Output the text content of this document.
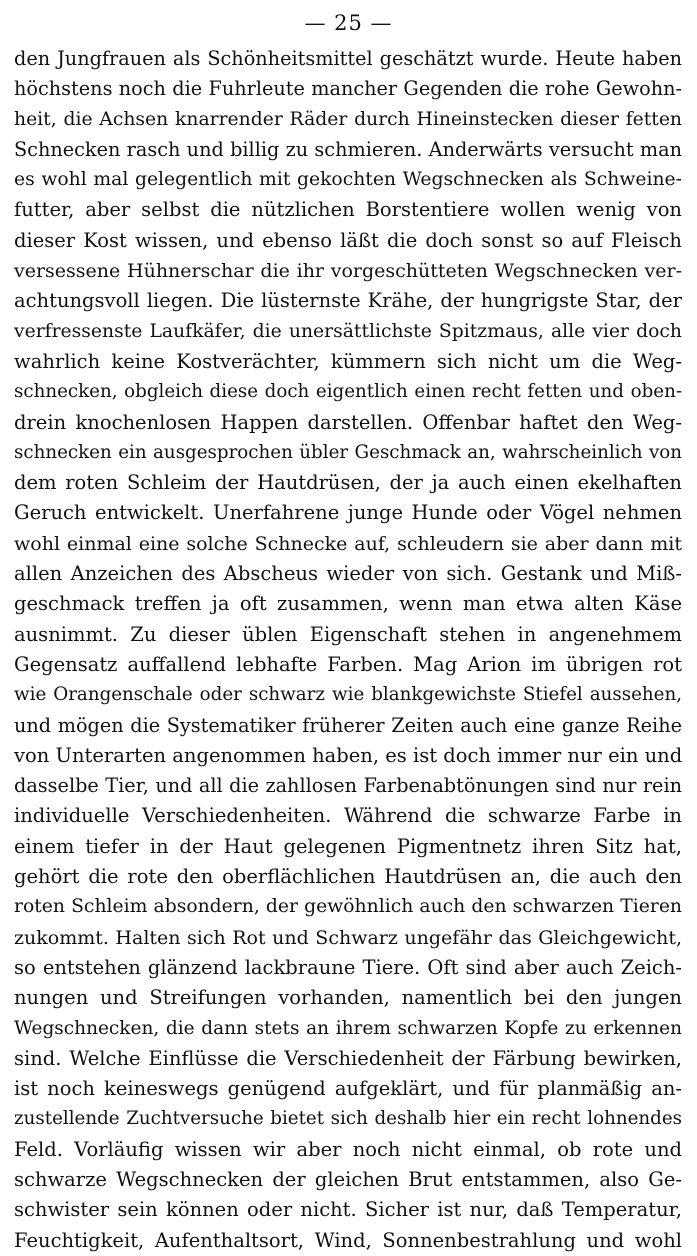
— 25 —
den Jungfrauen als Schönheitsmittel geschätzt wurde. Heute haben
höchstens noch die Fuhrleute mancher Gegenden die rohe Gewohn-
heit, die Achsen knarrender Räder durch Hineinstecken dieser fetten
Schnecken rasch und billig zu schmieren. Anderwärts versucht man
es wohl mal gelegentlich mit gekochten Wegschnecken als Schweine-
futter, aber selbst die nützlichen Borstentiere wollen wenig von
dieser Kost wissen, und ebenso läßt die doch sonst so auf Fleisch
versessene Hühnerschar die ihr vorgeschütteten Wegschnecken ver-
achtungsvoll liegen. Die lüsternste Krähe, der hungrigste Star, der
verfressenste Laufkäfer, die unersättlichste Spitzmaus, alle vier doch
wahrlich keine Kostverächter, kümmern sich nicht um die Weg-
schnecken, obgleich diese doch eigentlich einen recht fetten und oben-
drein knochenlosen Happen darstellen. Offenbar haftet den Weg-
schnecken ein ausgesprochen übler Geschmack an, wahrscheinlich von
dem roten Schleim der Hautdrüsen, der ja auch einen ekelhaften
Geruch entwickelt. Unerfahrene junge Hunde oder Vögel nehmen
wohl einmal eine solche Schnecke auf, schleudern sie aber dann mit
allen Anzeichen des Abscheus wieder von sich. Gestank und Miß-
geschmack treffen ja oft zusammen, wenn man etwa alten Käse
ausnimmt. Zu dieser üblen Eigenschaft stehen in angenehmem
Gegensatz auffallend lebhafte Farben. Mag Arion im übrigen rot
wie Orangenschale oder schwarz wie blankgewichste Stiefel aussehen,
und mögen die Systematiker früherer Zeiten auch eine ganze Reihe
von Unterarten angenommen haben, es ist doch immer nur ein und
dasselbe Tier, und all die zahllosen Farbenabtönungen sind nur rein
individuelle Verschiedenheiten. Während die schwarze Farbe in
einem tiefer in der Haut gelegenen Pigmentnetz ihren Sitz hat,
gehört die rote den oberflächlichen Hautdrüsen an, die auch den
roten Schleim absondern, der gewöhnlich auch den schwarzen Tieren
zukommt. Halten sich Rot und Schwarz ungefähr das Gleichgewicht,
so entstehen glänzend lackbraune Tiere. Oft sind aber auch Zeich-
nungen und Streifungen vorhanden, namentlich bei den jungen
Wegschnecken, die dann stets an ihrem schwarzen Kopfe zu erkennen
sind. Welche Einflüsse die Verschiedenheit der Färbung bewirken,
ist noch keineswegs genügend aufgeklärt, und für planmäßig an-
zustellende Zuchtversuche bietet sich deshalb hier ein recht lohnendes
Feld. Vorläufig wissen wir aber noch nicht einmal, ob rote und
schwarze Wegschnecken der gleichen Brut entstammen, also Ge-
schwister sein können oder nicht. Sicher ist nur, daß Temperatur,
Feuchtigkeit, Aufenthaltsort, Wind, Sonnenbestrahlung und wohl
